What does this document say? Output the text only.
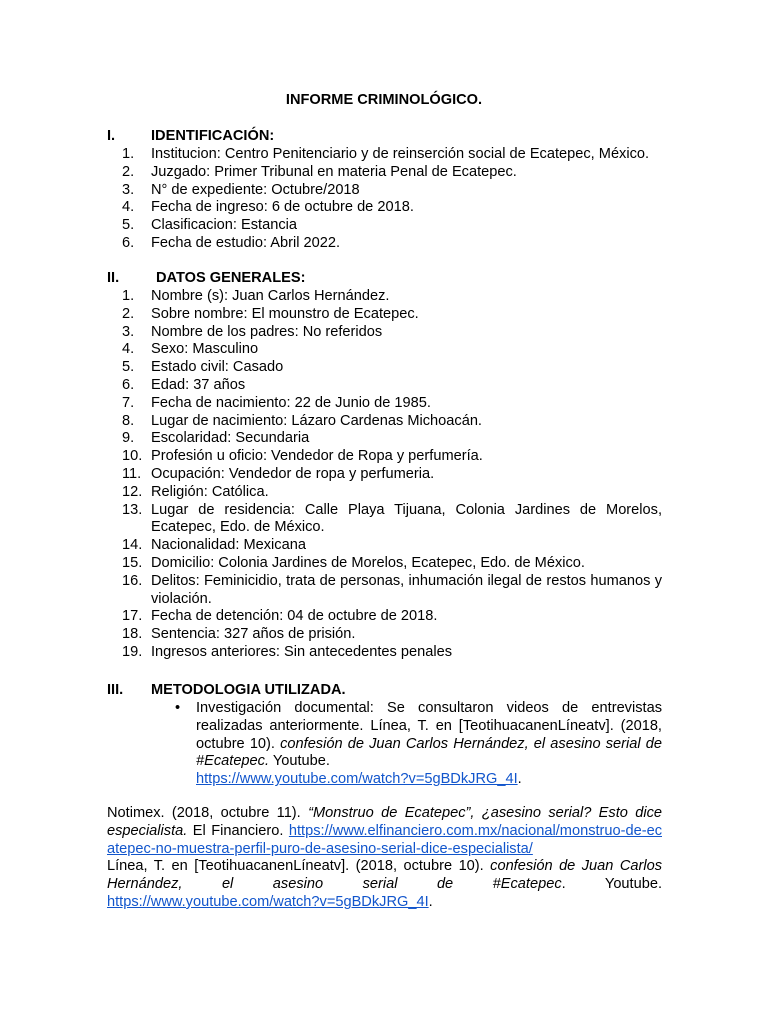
INFORME CRIMINOLÓGICO.
I. IDENTIFICACIÓN:
1. Institucion: Centro Penitenciario y de reinserción social de Ecatepec, México.
2. Juzgado: Primer Tribunal en materia Penal de Ecatepec.
3. N° de expediente: Octubre/2018
4. Fecha de ingreso: 6 de octubre de 2018.
5. Clasificacion: Estancia
6. Fecha de estudio: Abril 2022.
II.	DATOS GENERALES:
1. Nombre (s): Juan Carlos Hernández.
2. Sobre nombre: El mounstro de Ecatepec.
3. Nombre de los padres: No referidos
4. Sexo: Masculino
5. Estado civil: Casado
6. Edad: 37 años
7. Fecha de nacimiento: 22 de Junio de 1985.
8. Lugar de nacimiento: Lázaro Cardenas Michoacán.
9. Escolaridad: Secundaria
10. Profesión u oficio: Vendedor de Ropa y perfumería.
11. Ocupación: Vendedor de ropa y perfumeria.
12. Religión: Católica.
13. Lugar de residencia: Calle Playa Tijuana, Colonia Jardines de Morelos, Ecatepec, Edo. de México.
14. Nacionalidad: Mexicana
15. Domicilio: Colonia Jardines de Morelos, Ecatepec, Edo. de México.
16. Delitos: Feminicidio, trata de personas, inhumación ilegal de restos humanos y violación.
17. Fecha de detención: 04 de octubre de 2018.
18. Sentencia: 327 años de prisión.
19. Ingresos anteriores: Sin antecedentes penales
III. METODOLOGIA UTILIZADA.
• Investigación documental: Se consultaron videos de entrevistas realizadas anteriormente. Línea, T. en [TeotihuacanenLíneatv]. (2018, octubre 10). confesión de Juan Carlos Hernández, el asesino serial de #Ecatepec. Youtube.
https://www.youtube.com/watch?v=5gBDkJRG_4I.
Notimex. (2018, octubre 11). “Monstruo de Ecatepec”, ¿asesino serial? Esto dice especialista. El Financiero. https://www.elfinanciero.com.mx/nacional/monstruo-de-ecatepec-no-muestra-perfil-puro-de-asesino-serial-dice-especialista/
Línea, T. en [TeotihuacanenLíneatv]. (2018, octubre 10). confesión de Juan Carlos Hernández, el asesino serial de #Ecatepec. Youtube. https://www.youtube.com/watch?v=5gBDkJRG_4I.
